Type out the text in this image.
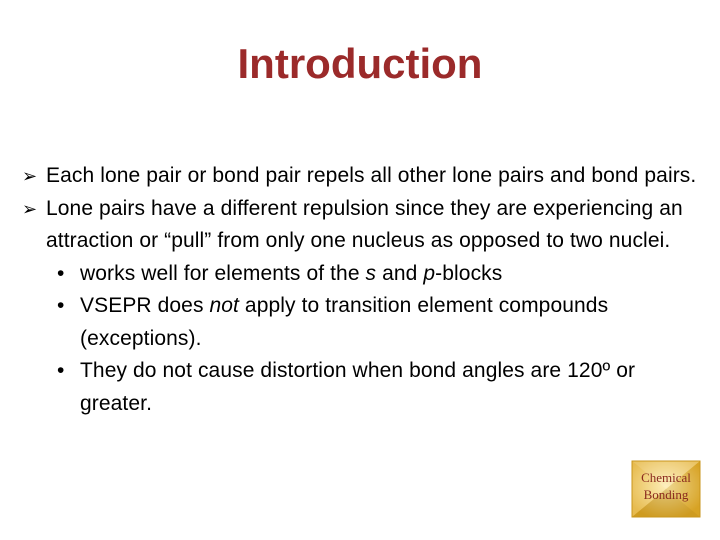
Introduction
➢ Each lone pair or bond pair repels all other lone pairs and bond pairs.
➢ Lone pairs have a different repulsion since they are experiencing an attraction or “pull” from only one nucleus as opposed to two nuclei.
• works well for elements of the s and p-blocks
• VSEPR does not apply to transition element compounds (exceptions).
• They do not cause distortion when bond angles are 120º or greater.
Chemical
Bonding
